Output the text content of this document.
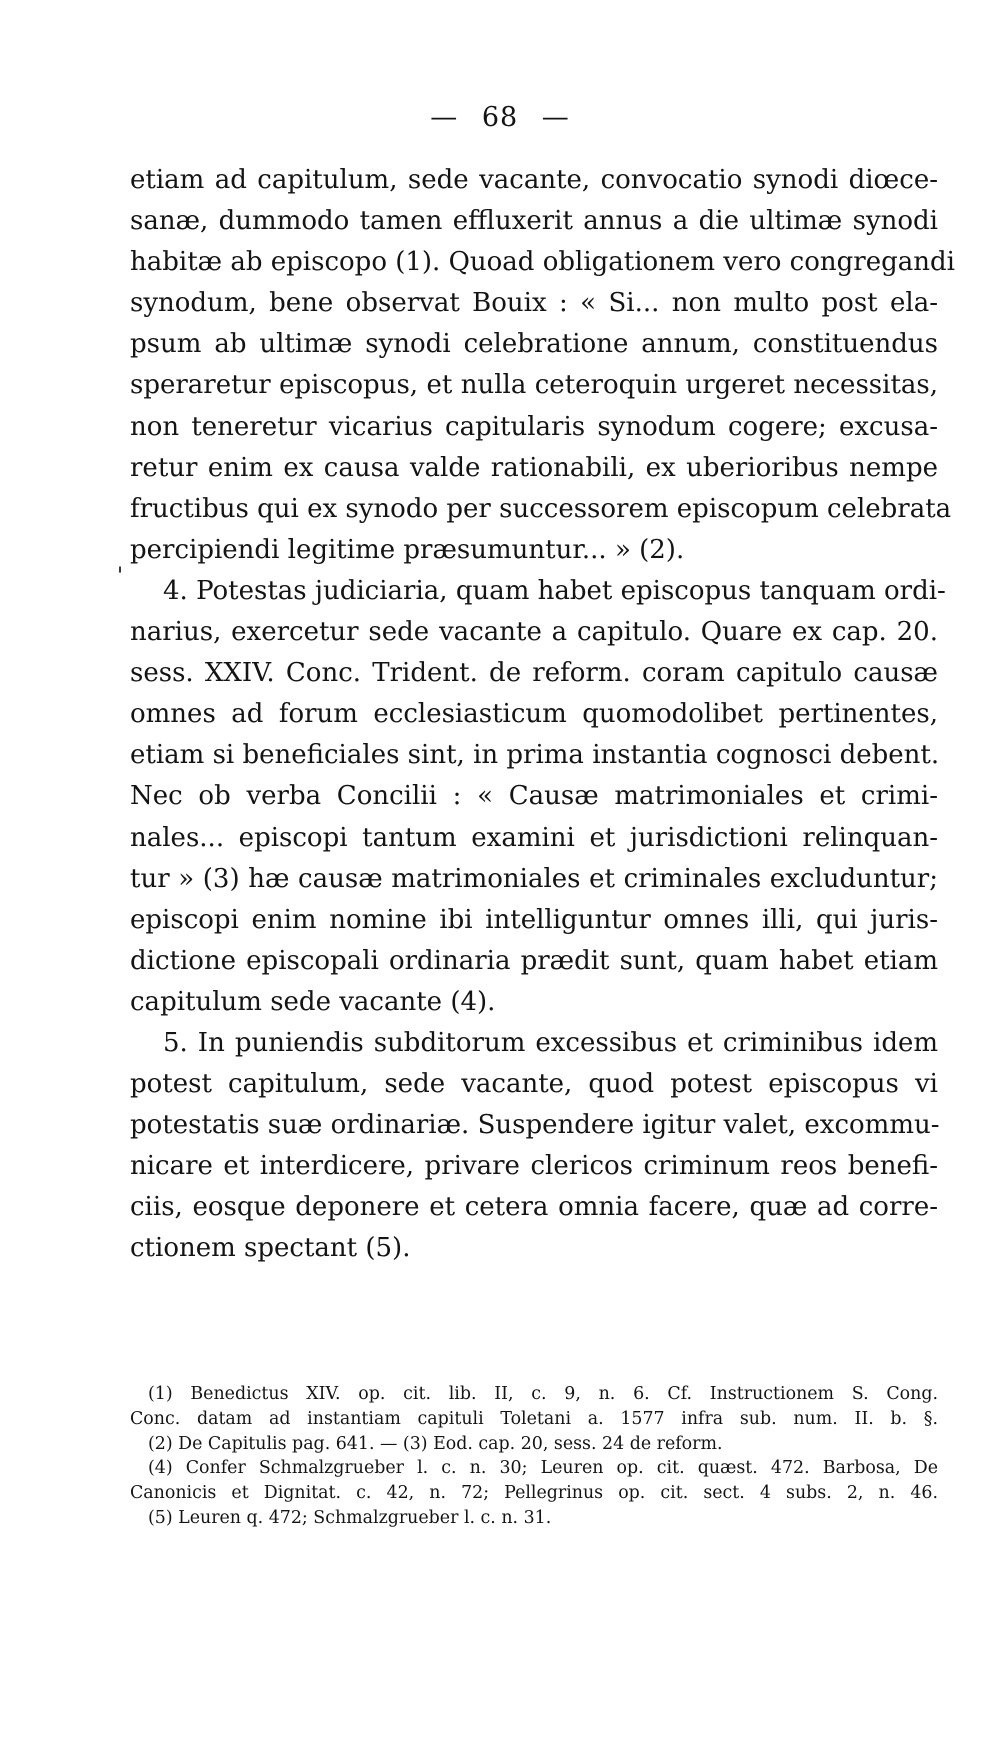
— 68 —
'
etiam ad capitulum, sede vacante, convocatio synodi diœce-
sanæ, dummodo tamen effluxerit annus a die ultimæ synodi
habitæ ab episcopo (1). Quoad obligationem vero congregandi
synodum, bene observat Bouix : « Si... non multo post ela-
psum ab ultimæ synodi celebratione annum, constituendus
speraretur episcopus, et nulla ceteroquin urgeret necessitas,
non teneretur vicarius capitularis synodum cogere; excusa-
retur enim ex causa valde rationabili, ex uberioribus nempe
fructibus qui ex synodo per successorem episcopum celebrata
percipiendi legitime præsumuntur... » (2).
4. Potestas judiciaria, quam habet episcopus tanquam ordi-
narius, exercetur sede vacante a capitulo. Quare ex cap. 20.
sess. XXIV. Conc. Trident. de reform. coram capitulo causæ
omnes ad forum ecclesiasticum quomodolibet pertinentes,
etiam si beneficiales sint, in prima instantia cognosci debent.
Nec ob verba Concilii : « Causæ matrimoniales et crimi-
nales... episcopi tantum examini et jurisdictioni relinquan-
tur » (3) hæ causæ matrimoniales et criminales excluduntur;
episcopi enim nomine ibi intelliguntur omnes illi, qui juris-
dictione episcopali ordinaria prædit sunt, quam habet etiam
capitulum sede vacante (4).
5. In puniendis subditorum excessibus et criminibus idem
potest capitulum, sede vacante, quod potest episcopus vi
potestatis suæ ordinariæ. Suspendere igitur valet, excommu-
nicare et interdicere, privare clericos criminum reos benefi-
ciis, eosque deponere et cetera omnia facere, quæ ad corre-
ctionem spectant (5).
(1) Benedictus XIV. op. cit. lib. II, c. 9, n. 6. Cf. Instructionem S. Cong.
Conc. datam ad instantiam capituli Toletani a. 1577 infra sub. num. II. b. §.
(2) De Capitulis pag. 641. — (3) Eod. cap. 20, sess. 24 de reform.
(4) Confer Schmalzgrueber l. c. n. 30; Leuren op. cit. quæst. 472. Barbosa, De
Canonicis et Dignitat. c. 42, n. 72; Pellegrinus op. cit. sect. 4 subs. 2, n. 46.
(5) Leuren q. 472; Schmalzgrueber l. c. n. 31.
